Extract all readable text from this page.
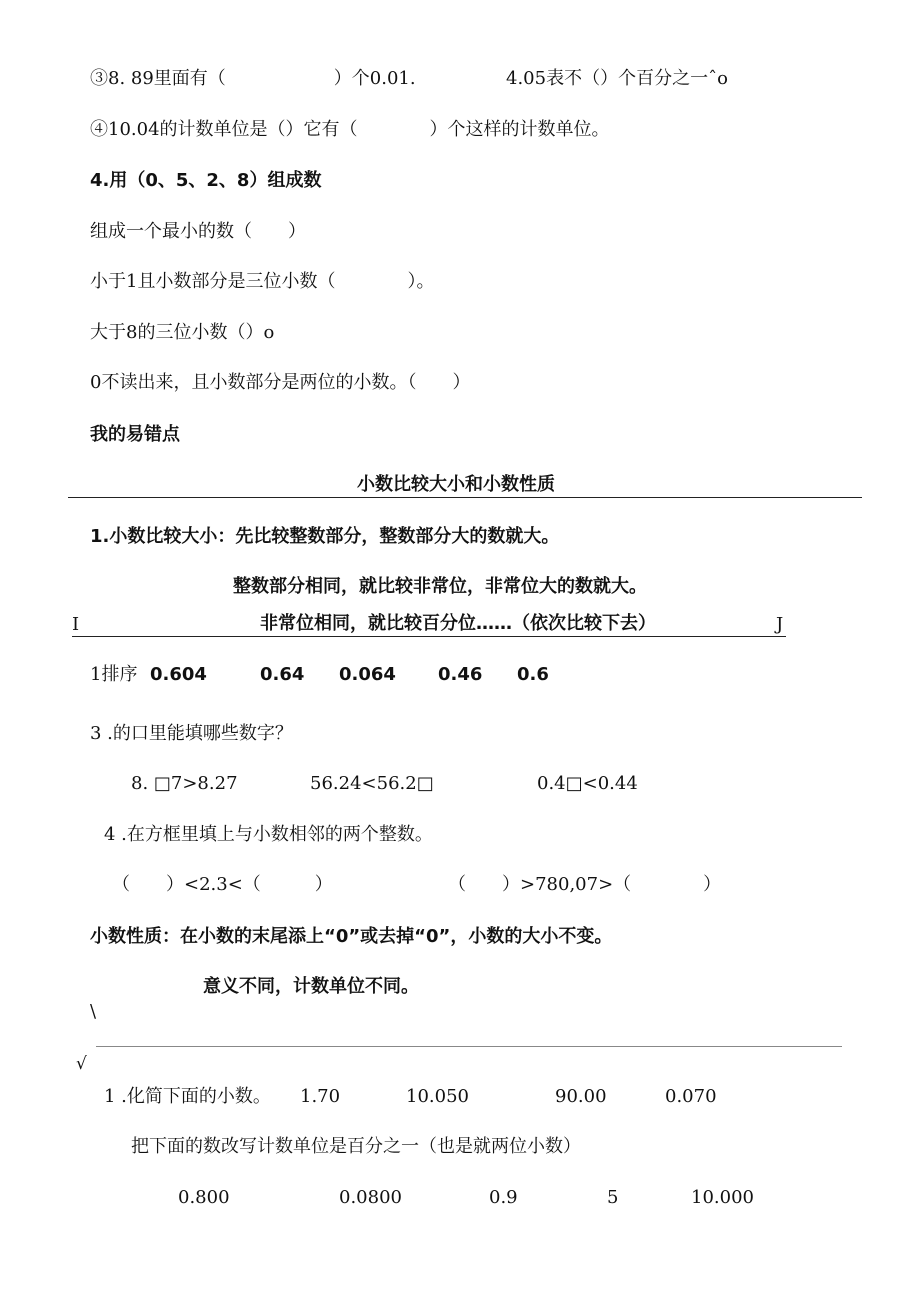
③8. 89里面有（　　　　　　）个0.01.	4.05表不（）个百分之一ˆo
④10.04的计数单位是（）它有（　　　　）个这样的计数单位。
4.用（0、5、2、8）组成数
组成一个最小的数（　　）
小于1且小数部分是三位小数（　　　　）。
大于8的三位小数（）o
0不读出来，且小数部分是两位的小数。（　　）
我的易错点
小数比较大小和小数性质
1.小数比较大小：先比较整数部分，整数部分大的数就大。
整数部分相同，就比较非常位，非常位大的数就大。
I	非常位相同，就比较百分位……（依次比较下去）	J
1排序 0.604	0.64 0.064 0.46 0.6
3 .的口里能填哪些数字？
8. □7>8.27	56.24<56.2□	0.4□<0.44
4 .在方框里填上与小数相邻的两个整数。
（　　）<2.3<（　　　）	（　　）>780,07>（　　　　）
小数性质：在小数的末尾添上“0”或去掉“0”，小数的大小不变。
意义不同，计数单位不同。
\
√
1 .化简下面的小数。 1.70	10.050	90.00	0.070
把下面的数改写计数单位是百分之一（也是就两位小数）
0.800	0.0800	0.9	5	10.000
